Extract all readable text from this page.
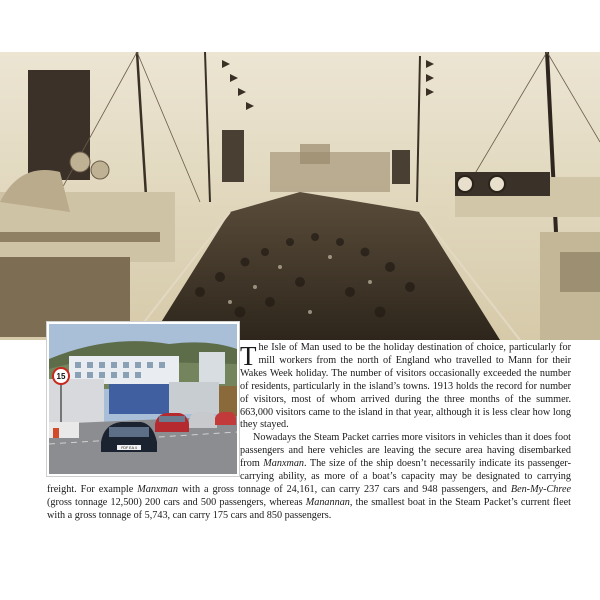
15
FDF EA 4

The Isle of Man used to be the holiday destination of choice, particularly for mill workers from the north of England who travelled to Mann for their Wakes Week holiday. The number of visitors occasionally exceeded the number of residents, particularly in the island’s towns. 1913 holds the record for number of visitors, most of whom arrived during the three months of the summer. 663,000 visitors came to the island in that year, although it is less clear how long they stayed.

Nowadays the Steam Packet carries more visitors in vehicles than it does foot passengers and here vehicles are leaving the secure area having disembarked from Manxman. The size of the ship doesn’t necessarily indicate its passenger-carrying ability, as more of a boat’s capacity may be designated to carrying freight. For example Manxman with a gross tonnage of 24,161, can carry 237 cars and 948 passengers, and Ben-My-Chree (gross tonnage 12,500) 200 cars and 500 passengers, whereas Manannan, the smallest boat in the Steam Packet’s current fleet with a gross tonnage of 5,743, can carry 175 cars and 850 passengers.
